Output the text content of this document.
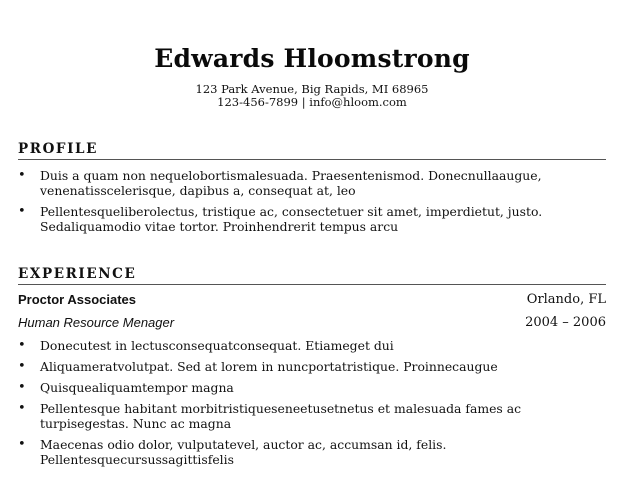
Edwards Hloomstrong
123 Park Avenue, Big Rapids, MI 68965
123-456-7899 | info@hloom.com
PROFILE
• Duis a quam non nequelobortismalesuada. Praesentenismod. Donecnullaaugue, venenatisscelerisque, dapibus a, consequat at, leo
• Pellentesqueliberolectus, tristique ac, consectetuer sit amet, imperdietut, justo. Sedaliquamodio vitae tortor. Proinhendrerit tempus arcu
EXPERIENCE
Proctor Associates	Orlando, FL
Human Resource Menager	2004 – 2006
• Donecutest in lectusconsequatconsequat. Etiameget dui
• Aliquameratvolutpat. Sed at lorem in nuncportatristique. Proinnecaugue
• Quisquealiquamtempor magna
• Pellentesque habitant morbitristiqueseneetusetnetus et malesuada fames ac turpisegestas. Nunc ac magna
• Maecenas odio dolor, vulputatevel, auctor ac, accumsan id, felis. Pellentesquecursussagittisfelis
